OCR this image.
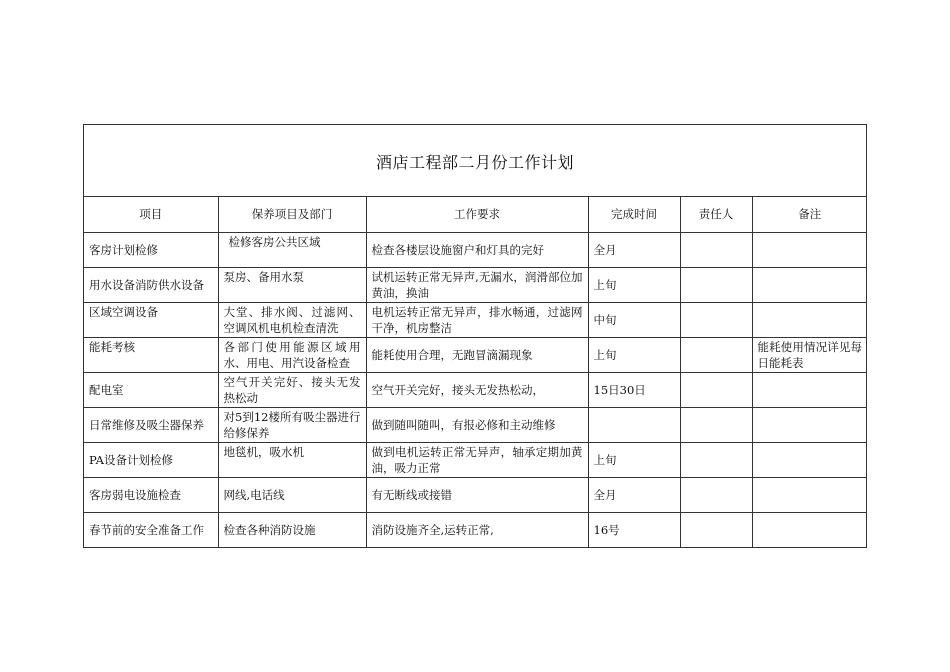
酒店工程部二月份工作计划
项目	保养项目及部门	工作要求	完成时间	责任人	备注
客房计划检修	检修客房公共区域	检查各楼层设施窗户和灯具的完好	全月		
用水设备消防供水设备	泵房、备用水泵	试机运转正常无异声,无漏水，润滑部位加黄油，换油	上旬		
区域空调设备	大堂、排水阀、过滤网、空调风机电机检查清洗	电机运转正常无异声，排水畅通，过滤网干净，机房整洁	中旬		
能耗考核	各部门使用能源区域用水、用电、用汽设备检查	能耗使用合理，无跑冒滴漏现象	上旬		能耗使用情况详见每日能耗表
配电室	空气开关完好、接头无发热松动	空气开关完好，接头无发热松动，	15日30日		
日常维修及吸尘器保养	对5到12楼所有吸尘器进行给修保养	做到随叫随叫，有报必修和主动维修			
PA设备计划检修	地毯机，吸水机	做到电机运转正常无异声，轴承定期加黄油，吸力正常	上旬		
客房弱电设施检查	网线,电话线	有无断线或接错	全月		
春节前的安全准备工作	检查各种消防设施	消防设施齐全,运转正常,	16号		
